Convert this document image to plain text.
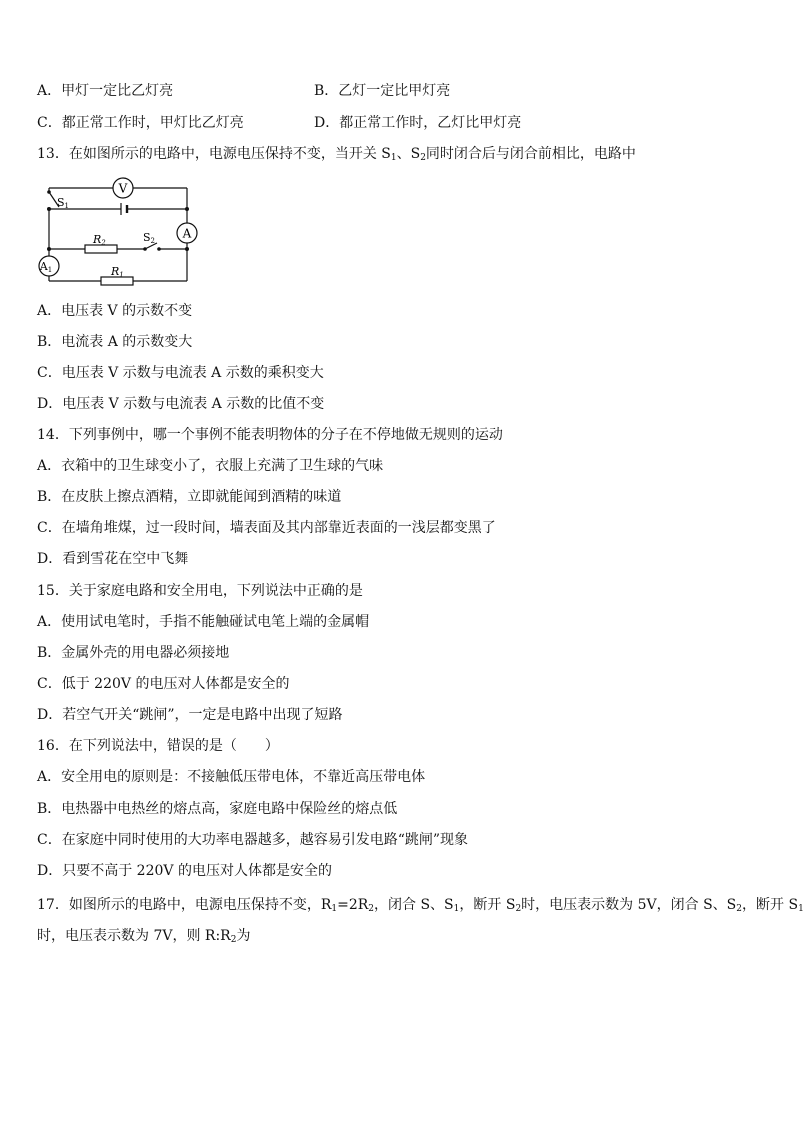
A．甲灯一定比乙灯亮	B．乙灯一定比甲灯亮
C．都正常工作时，甲灯比乙灯亮	D．都正常工作时，乙灯比甲灯亮
13．在如图所示的电路中，电源电压保持不变，当开关 $S_1$、$S_2$同时闭合后与闭合前相比，电路中
V
A
A1
S1
S2
R2
R1
A．电压表 V 的示数不变
B．电流表 A 的示数变大
C．电压表 V 示数与电流表 A 示数的乘积变大
D．电压表 V 示数与电流表 A 示数的比值不变
14．下列事例中，哪一个事例不能表明物体的分子在不停地做无规则的运动
A．衣箱中的卫生球变小了，衣服上充满了卫生球的气味
B．在皮肤上擦点酒精，立即就能闻到酒精的味道
C．在墙角堆煤，过一段时间，墙表面及其内部靠近表面的一浅层都变黑了
D．看到雪花在空中飞舞
15．关于家庭电路和安全用电，下列说法中正确的是
A．使用试电笔时，手指不能触碰试电笔上端的金属帽
B．金属外壳的用电器必须接地
C．低于 220V 的电压对人体都是安全的
D．若空气开关“跳闸”，一定是电路中出现了短路
16．在下列说法中，错误的是（　　）
A．安全用电的原则是：不接触低压带电体，不靠近高压带电体
B．电热器中电热丝的熔点高，家庭电路中保险丝的熔点低
C．在家庭中同时使用的大功率电器越多，越容易引发电路“跳闸”现象
D．只要不高于 220V 的电压对人体都是安全的
17．如图所示的电路中，电源电压保持不变，$R_1=2R_2$，闭合 S、$S_1$，断开 $S_2$时，电压表示数为 5V，闭合 S、$S_2$，断开 $S_1$
时，电压表示数为 7V，则 $R:R_2$为
